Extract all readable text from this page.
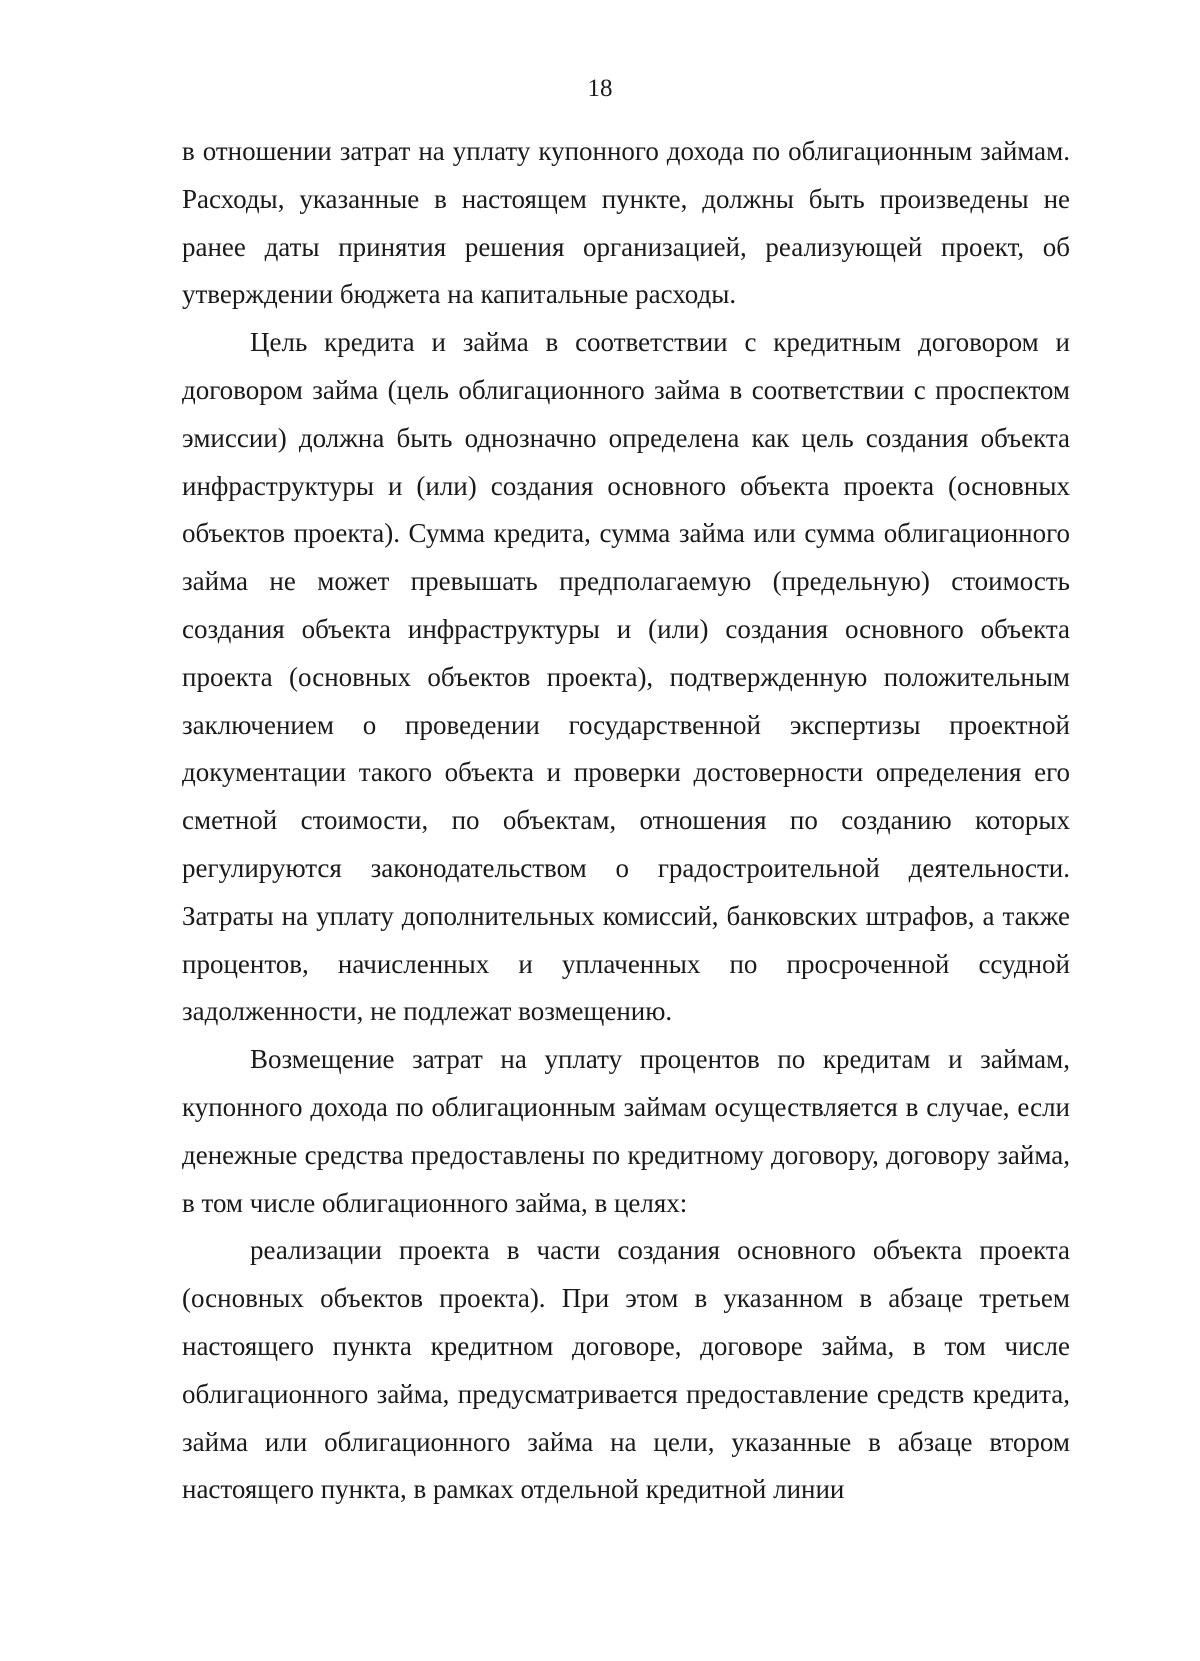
18

в отношении затрат на уплату купонного дохода по облигационным займам. Расходы, указанные в настоящем пункте, должны быть произведены не ранее даты принятия решения организацией, реализующей проект, об утверждении бюджета на капитальные расходы.

Цель кредита и займа в соответствии с кредитным договором и договором займа (цель облигационного займа в соответствии с проспектом эмиссии) должна быть однозначно определена как цель создания объекта инфраструктуры и (или) создания основного объекта проекта (основных объектов проекта). Сумма кредита, сумма займа или сумма облигационного займа не может превышать предполагаемую (предельную) стоимость создания объекта инфраструктуры и (или) создания основного объекта проекта (основных объектов проекта), подтвержденную положительным заключением о проведении государственной экспертизы проектной документации такого объекта и проверки достоверности определения его сметной стоимости, по объектам, отношения по созданию которых регулируются законодательством о градостроительной деятельности. Затраты на уплату дополнительных комиссий, банковских штрафов, а также процентов, начисленных и уплаченных по просроченной ссудной задолженности, не подлежат возмещению.

Возмещение затрат на уплату процентов по кредитам и займам, купонного дохода по облигационным займам осуществляется в случае, если денежные средства предоставлены по кредитному договору, договору займа, в том числе облигационного займа, в целях:

реализации проекта в части создания основного объекта проекта (основных объектов проекта). При этом в указанном в абзаце третьем настоящего пункта кредитном договоре, договоре займа, в том числе облигационного займа, предусматривается предоставление средств кредита, займа или облигационного займа на цели, указанные в абзаце втором настоящего пункта, в рамках отдельной кредитной линии
